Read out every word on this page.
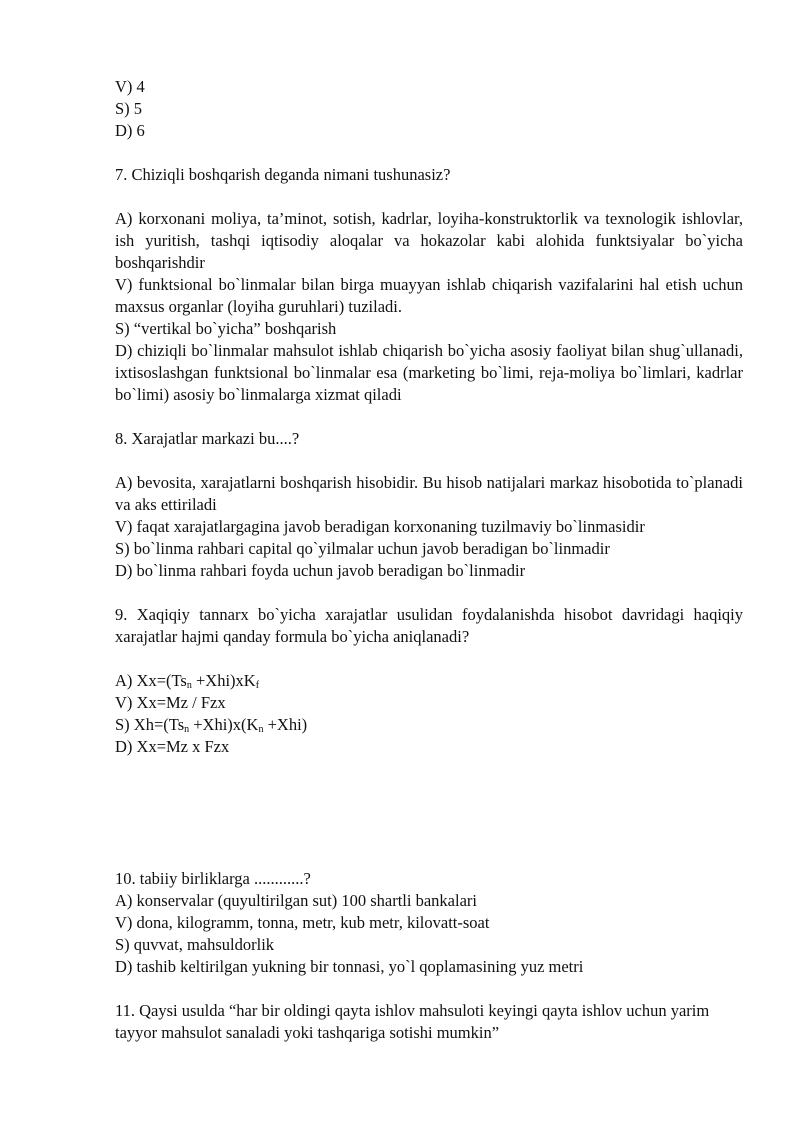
V) 4
S) 5
D) 6
7. Chiziqli boshqarish deganda nimani tushunasiz?
A) korxonani moliya, ta’minot, sotish, kadrlar, loyiha-konstruktorlik va texnologik ishlovlar, ish yuritish, tashqi iqtisodiy aloqalar va hokazolar kabi alohida funktsiyalar bo`yicha boshqarishdir
V) funktsional bo`linmalar bilan birga muayyan ishlab chiqarish vazifalarini hal etish uchun maxsus organlar (loyiha guruhlari) tuziladi.
S) “vertikal bo`yicha” boshqarish
D) chiziqli bo`linmalar mahsulot ishlab chiqarish bo`yicha asosiy faoliyat bilan shug`ullanadi, ixtisoslashgan funktsional bo`linmalar esa (marketing bo`limi, reja-moliya bo`limlari, kadrlar bo`limi) asosiy bo`linmalarga xizmat qiladi
8. Xarajatlar markazi bu....?
A) bevosita, xarajatlarni boshqarish hisobidir. Bu hisob natijalari markaz hisobotida to`planadi va aks ettiriladi
V) faqat xarajatlargagina javob beradigan korxonaning tuzilmaviy bo`linmasidir
S) bo`linma rahbari capital qo`yilmalar uchun javob beradigan bo`linmadir
D) bo`linma rahbari foyda uchun javob beradigan bo`linmadir
9. Xaqiqiy tannarx bo`yicha xarajatlar usulidan foydalanishda hisobot davridagi haqiqiy xarajatlar hajmi qanday formula bo`yicha aniqlanadi?
A) $Xx=(Ts_n +Xhi)xK_f$
V) Xx=Mz / Fzx
S) $Xh=(Ts_n +Xhi)x(K_n +Xhi)$
D) Xx=Mz x Fzx
10. tabiiy birliklarga ............?
A) konservalar (quyultirilgan sut) 100 shartli bankalari
V) dona, kilogramm, tonna, metr, kub metr, kilovatt-soat
S) quvvat, mahsuldorlik
D) tashib keltirilgan yukning bir tonnasi, yo`l qoplamasining yuz metri
11. Qaysi usulda “har bir oldingi qayta ishlov mahsuloti keyingi qayta ishlov uchun yarim tayyor mahsulot sanaladi yoki tashqariga sotishi mumkin”
